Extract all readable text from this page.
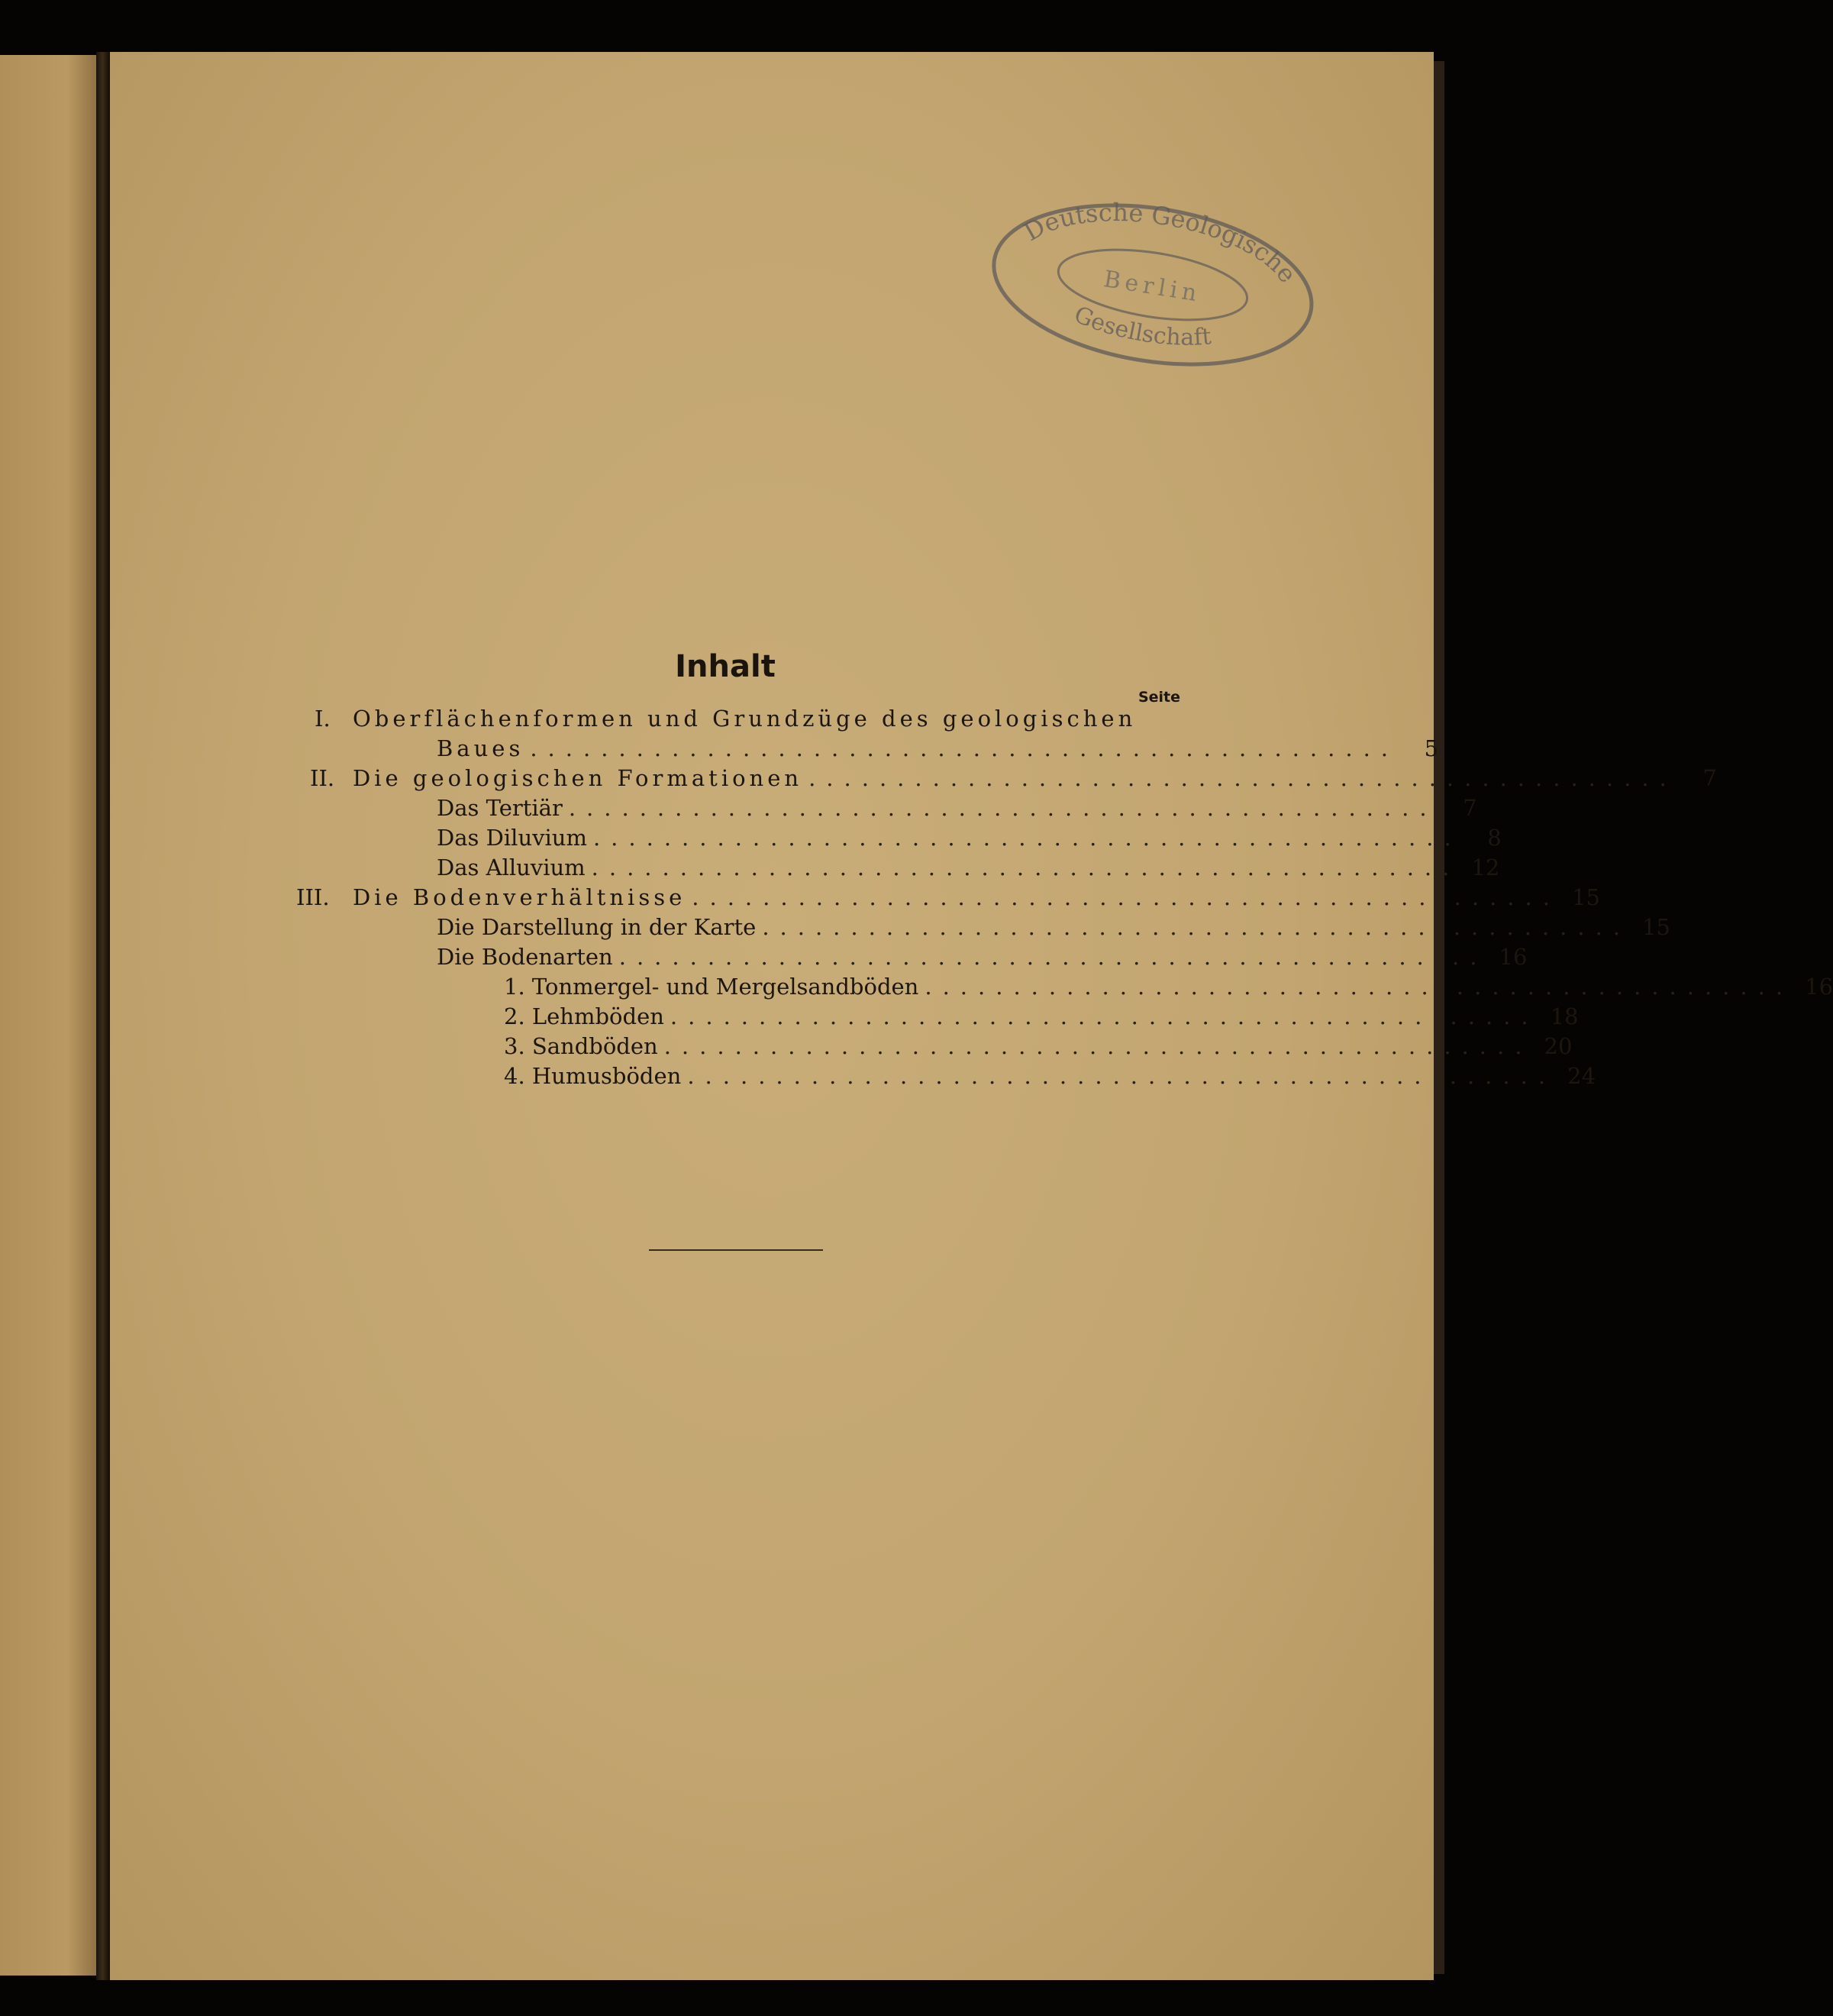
Deutsche Geologische
Berlin
Gesellschaft
Inhalt
Seite
I.	Oberflächenformen und Grundzüge des geologischen
Baues .................................................	5
II. Die geologischen Formationen .................................................	7
Das Tertiär .................................................	7
Das Diluvium .................................................	8
Das Alluvium ................................................. 12
III.	Die Bodenverhältnisse ................................................. 15
Die Darstellung in der Karte ................................................. 15
Die Bodenarten ................................................. 16
1. Tonmergel- und Mergelsandböden ................................................. 16
2. Lehmböden ................................................. 18
3. Sandböden ................................................. 20
4. Humusböden ................................................. 24
